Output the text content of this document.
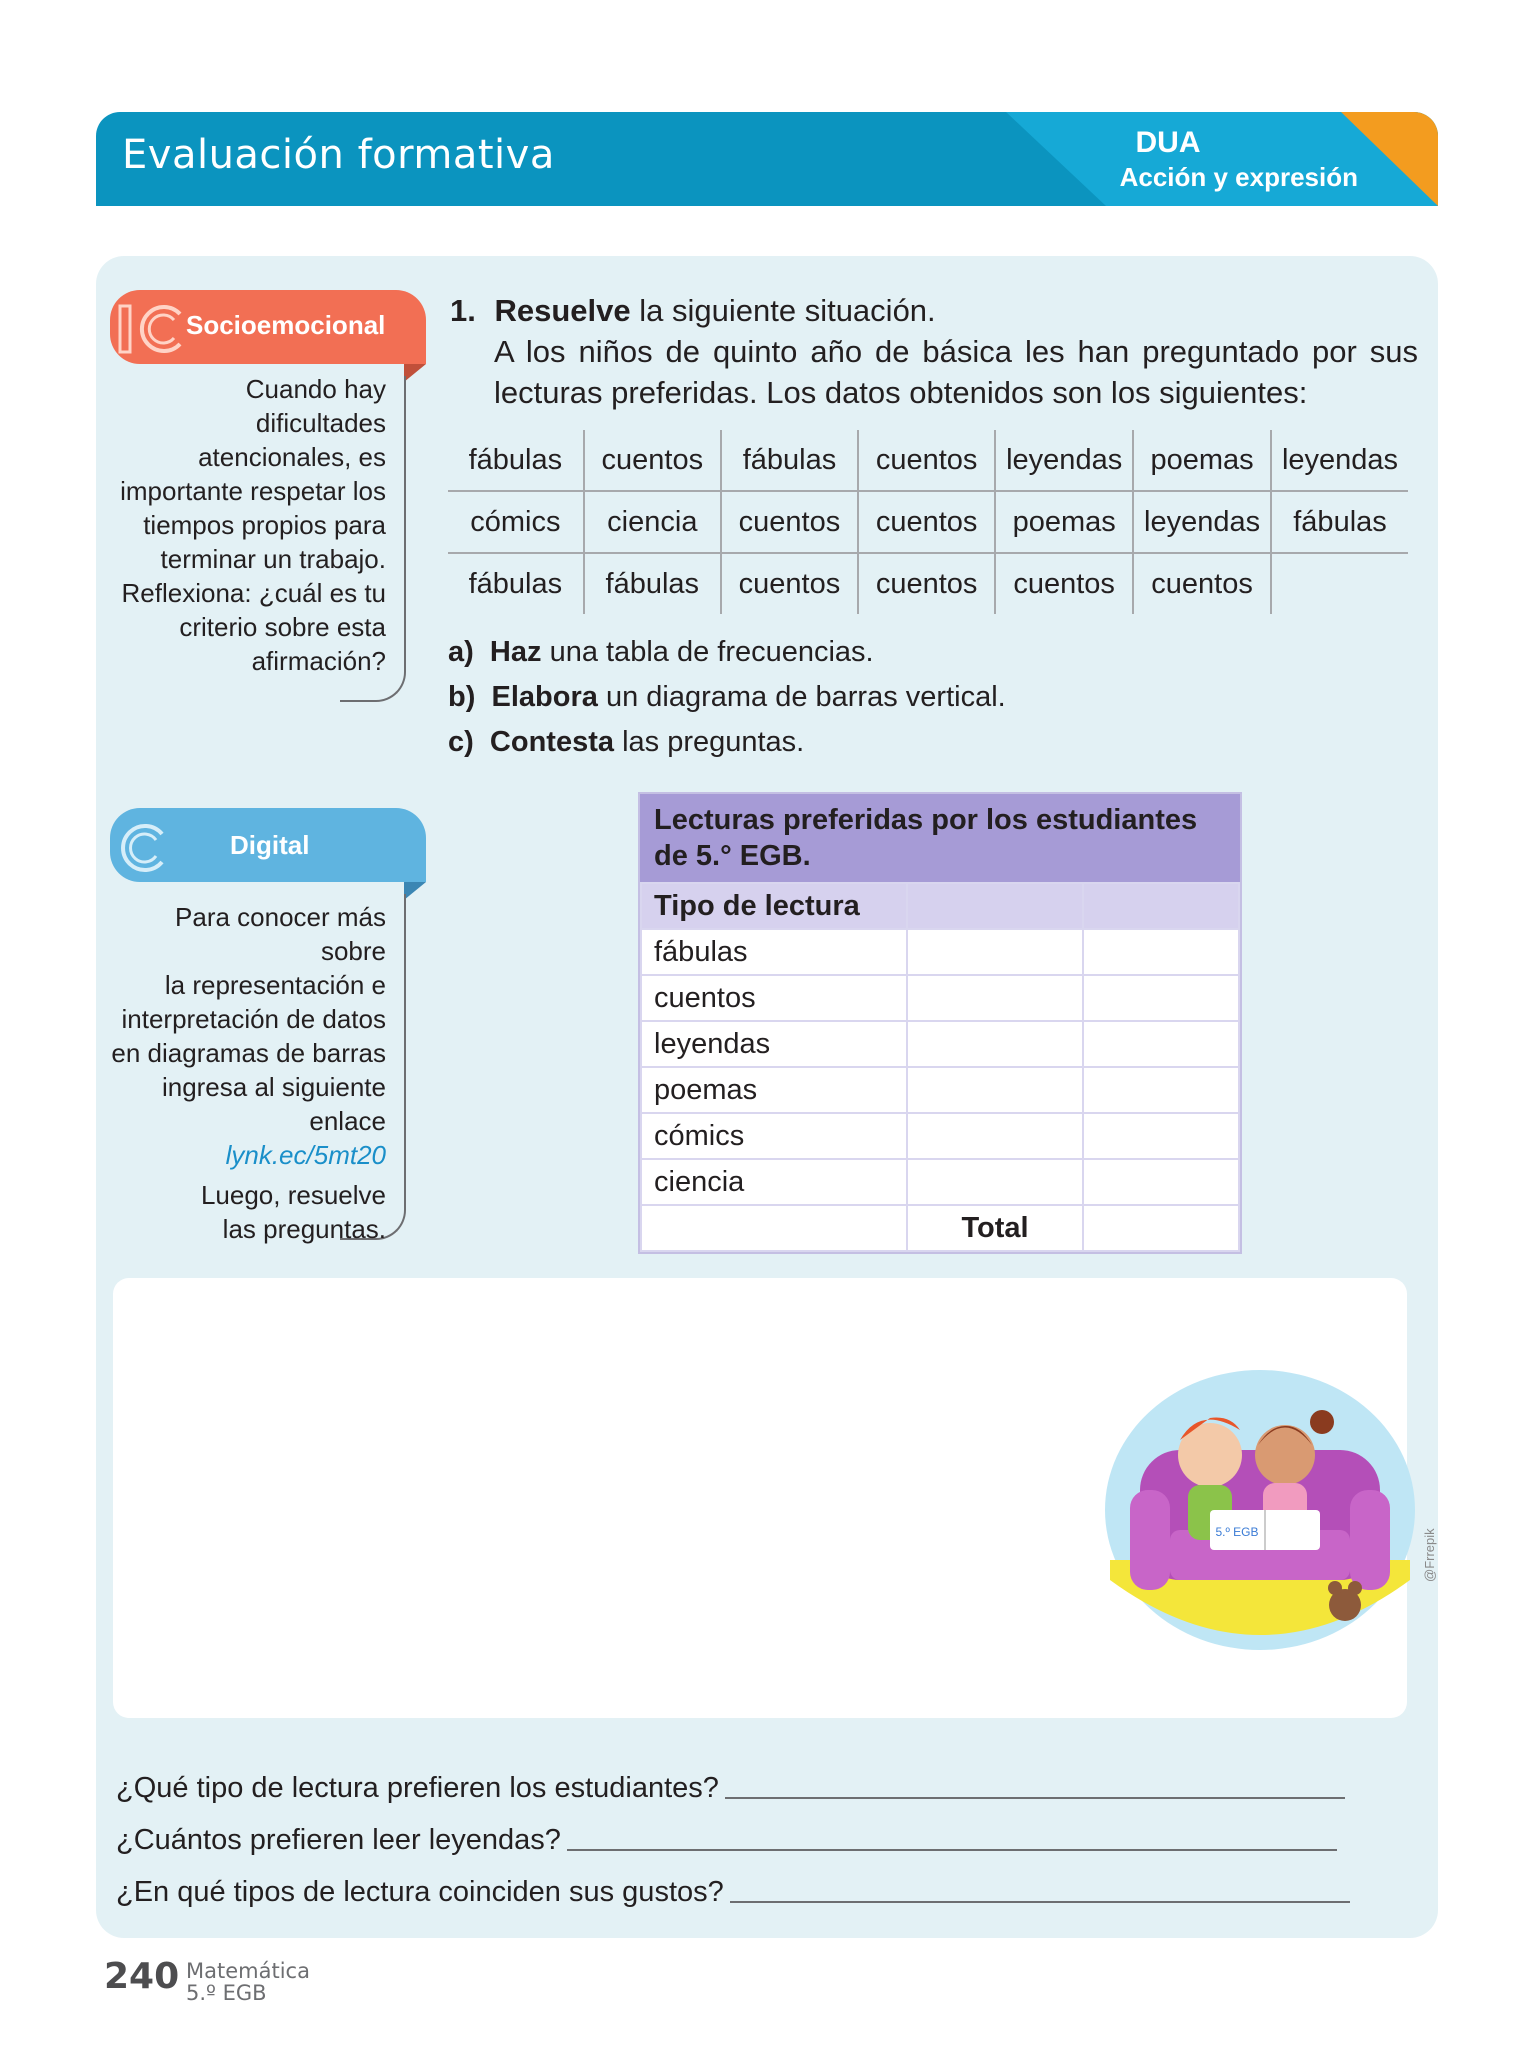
Evaluación formativa	DUA
Acción y expresión
Socioemocional
Cuando hay
dificultades
atencionales, es
importante respetar los
tiempos propios para
terminar un trabajo.
Reflexiona: ¿cuál es tu
criterio sobre esta
afirmación?
Digital
Para conocer más sobre
la representación e
interpretación de datos
en diagramas de barras
ingresa al siguiente
enlace
lynk.ec/5mt20
Luego, resuelve
las preguntas.
1. Resuelve la siguiente situación.
A los niños de quinto año de básica les han preguntado por sus lecturas preferidas. Los datos obtenidos son los siguientes:
fábulas	cuentos	fábulas	cuentos	leyendas	poemas	leyendas
cómics	ciencia	cuentos	cuentos	poemas	leyendas	fábulas
fábulas	fábulas	cuentos	cuentos	cuentos	cuentos	
a) Haz una tabla de frecuencias.
b) Elabora un diagrama de barras vertical.
c) Contesta las preguntas.
Lecturas preferidas por los estudiantes de 5.° EGB.
Tipo de lectura		
fábulas		
cuentos		
leyendas		
poemas		
cómics		
ciencia		
	Total	
5.º EGB	@Frrepik
¿Qué tipo de lectura prefieren los estudiantes?
¿Cuántos prefieren leer leyendas?
¿En qué tipos de lectura coinciden sus gustos?
240 Matemática
5.º EGB
